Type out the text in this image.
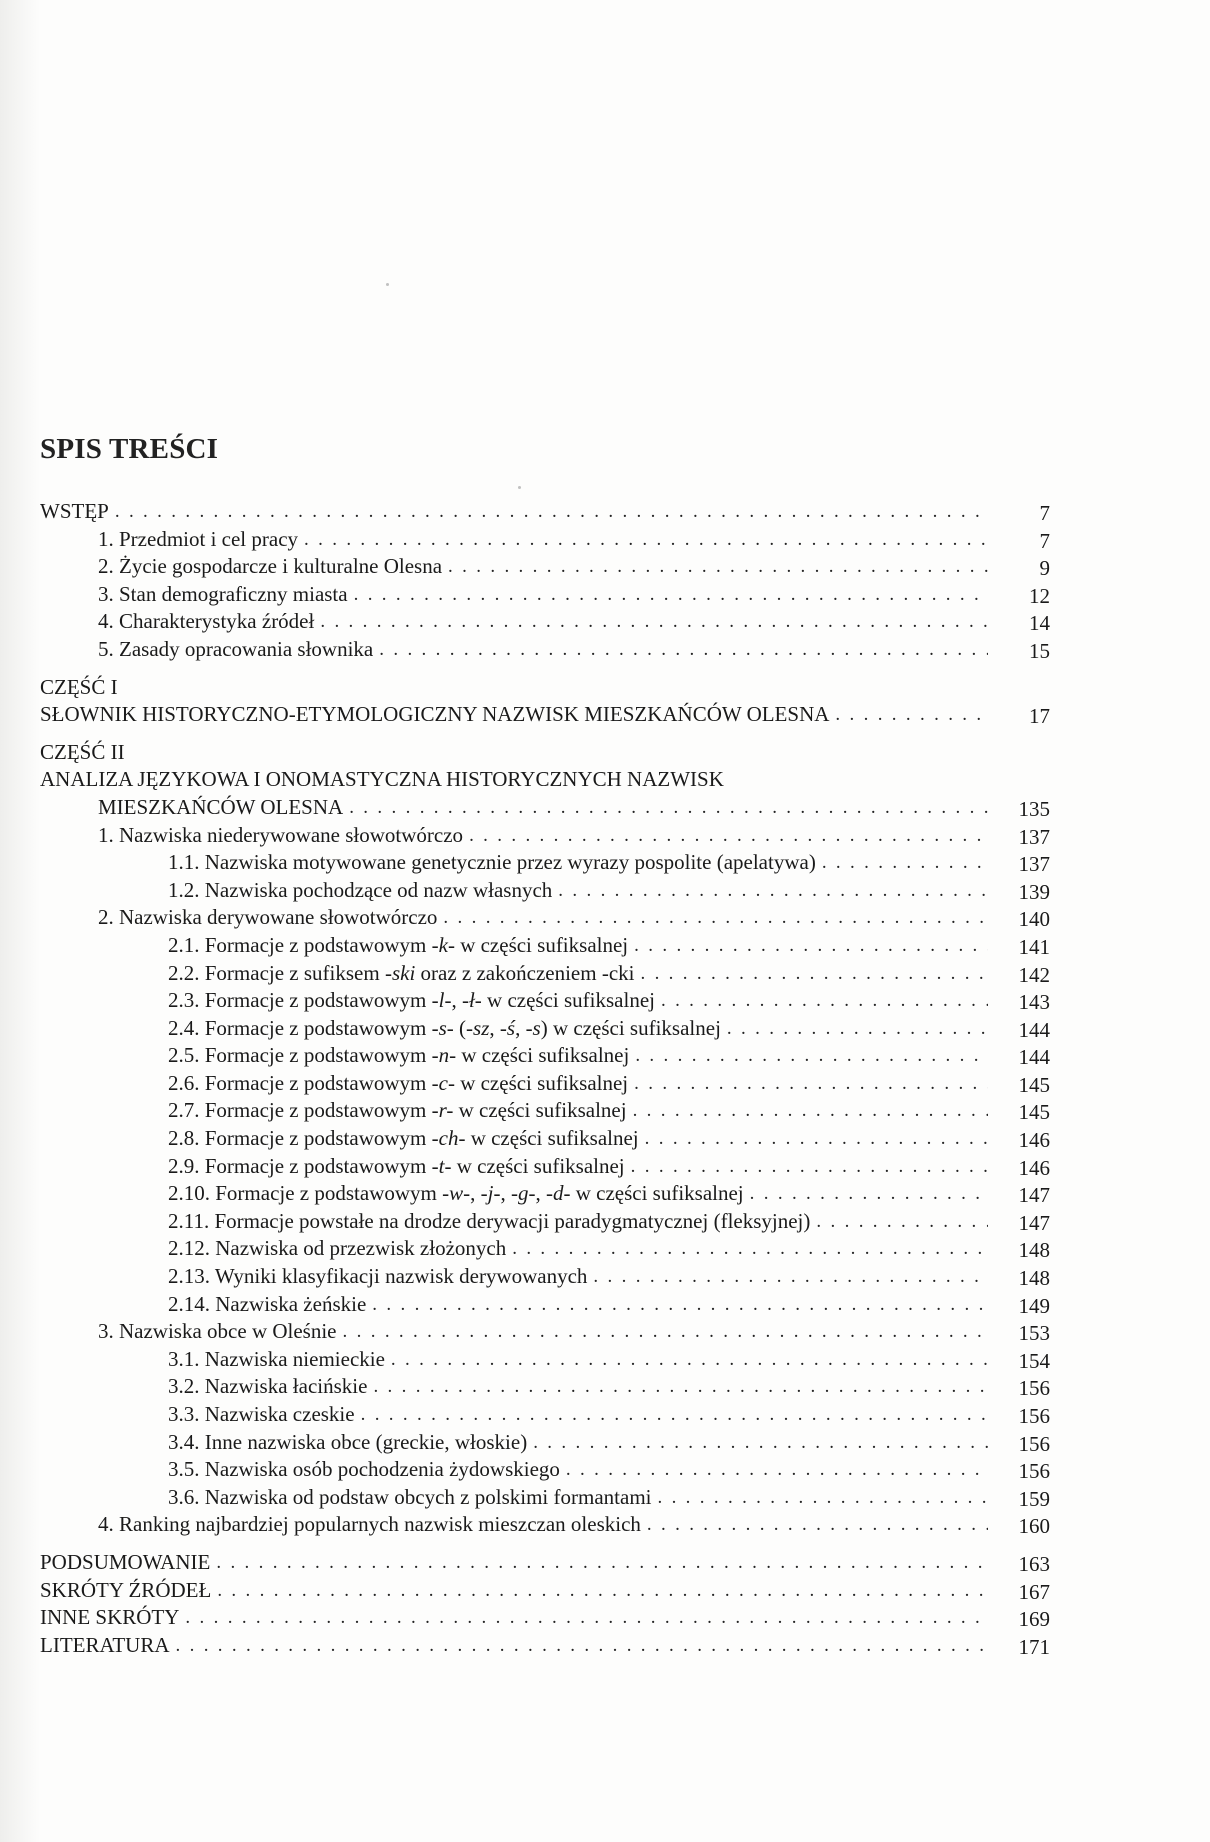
SPIS TREŚCI
WSTĘP . . .	7
1. Przedmiot i cel pracy . . .	7
2. Życie gospodarcze i kulturalne Olesna . . .	9
3. Stan demograficzny miasta . . .	12
4. Charakterystyka źródeł . . .	14
5. Zasady opracowania słownika . . .	15
CZĘŚĆ I
SŁOWNIK HISTORYCZNO-ETYMOLOGICZNY NAZWISK MIESZKAŃCÓW OLESNA . . .	17
CZĘŚĆ II
ANALIZA JĘZYKOWA I ONOMASTYCZNA HISTORYCZNYCH NAZWISK
MIESZKAŃCÓW OLESNA . . .	135
1. Nazwiska niederywowane słowotwórczo . . .	137
1.1. Nazwiska motywowane genetycznie przez wyrazy pospolite (apelatywa) . . .	137
1.2. Nazwiska pochodzące od nazw własnych . . .	139
2. Nazwiska derywowane słowotwórczo . . .	140
2.1. Formacje z podstawowym -k- w części sufiksalnej . . .	141
2.2. Formacje z sufiksem -ski oraz z zakończeniem -cki . . .	142
2.3. Formacje z podstawowym -l-, -ł- w części sufiksalnej . . .	143
2.4. Formacje z podstawowym -s- (-sz, -ś, -s) w części sufiksalnej . . .	144
2.5. Formacje z podstawowym -n- w części sufiksalnej . . .	144
2.6. Formacje z podstawowym -c- w części sufiksalnej . . .	145
2.7. Formacje z podstawowym -r- w części sufiksalnej . . .	145
2.8. Formacje z podstawowym -ch- w części sufiksalnej . . .	146
2.9. Formacje z podstawowym -t- w części sufiksalnej . . .	146
2.10. Formacje z podstawowym -w-, -j-, -g-, -d- w części sufiksalnej . . .	147
2.11. Formacje powstałe na drodze derywacji paradygmatycznej (fleksyjnej) . . .	147
2.12. Nazwiska od przezwisk złożonych . . .	148
2.13. Wyniki klasyfikacji nazwisk derywowanych . . .	148
2.14. Nazwiska żeńskie . . .	149
3. Nazwiska obce w Oleśnie . . .	153
3.1. Nazwiska niemieckie . . .	154
3.2. Nazwiska łacińskie . . .	156
3.3. Nazwiska czeskie . . .	156
3.4. Inne nazwiska obce (greckie, włoskie) . . .	156
3.5. Nazwiska osób pochodzenia żydowskiego . . .	156
3.6. Nazwiska od podstaw obcych z polskimi formantami . . .	159
4. Ranking najbardziej popularnych nazwisk mieszczan oleskich . . .	160
PODSUMOWANIE . . .	163
SKRÓTY ŹRÓDEŁ . . .	167
INNE SKRÓTY . . .	169
LITERATURA . . .	171
